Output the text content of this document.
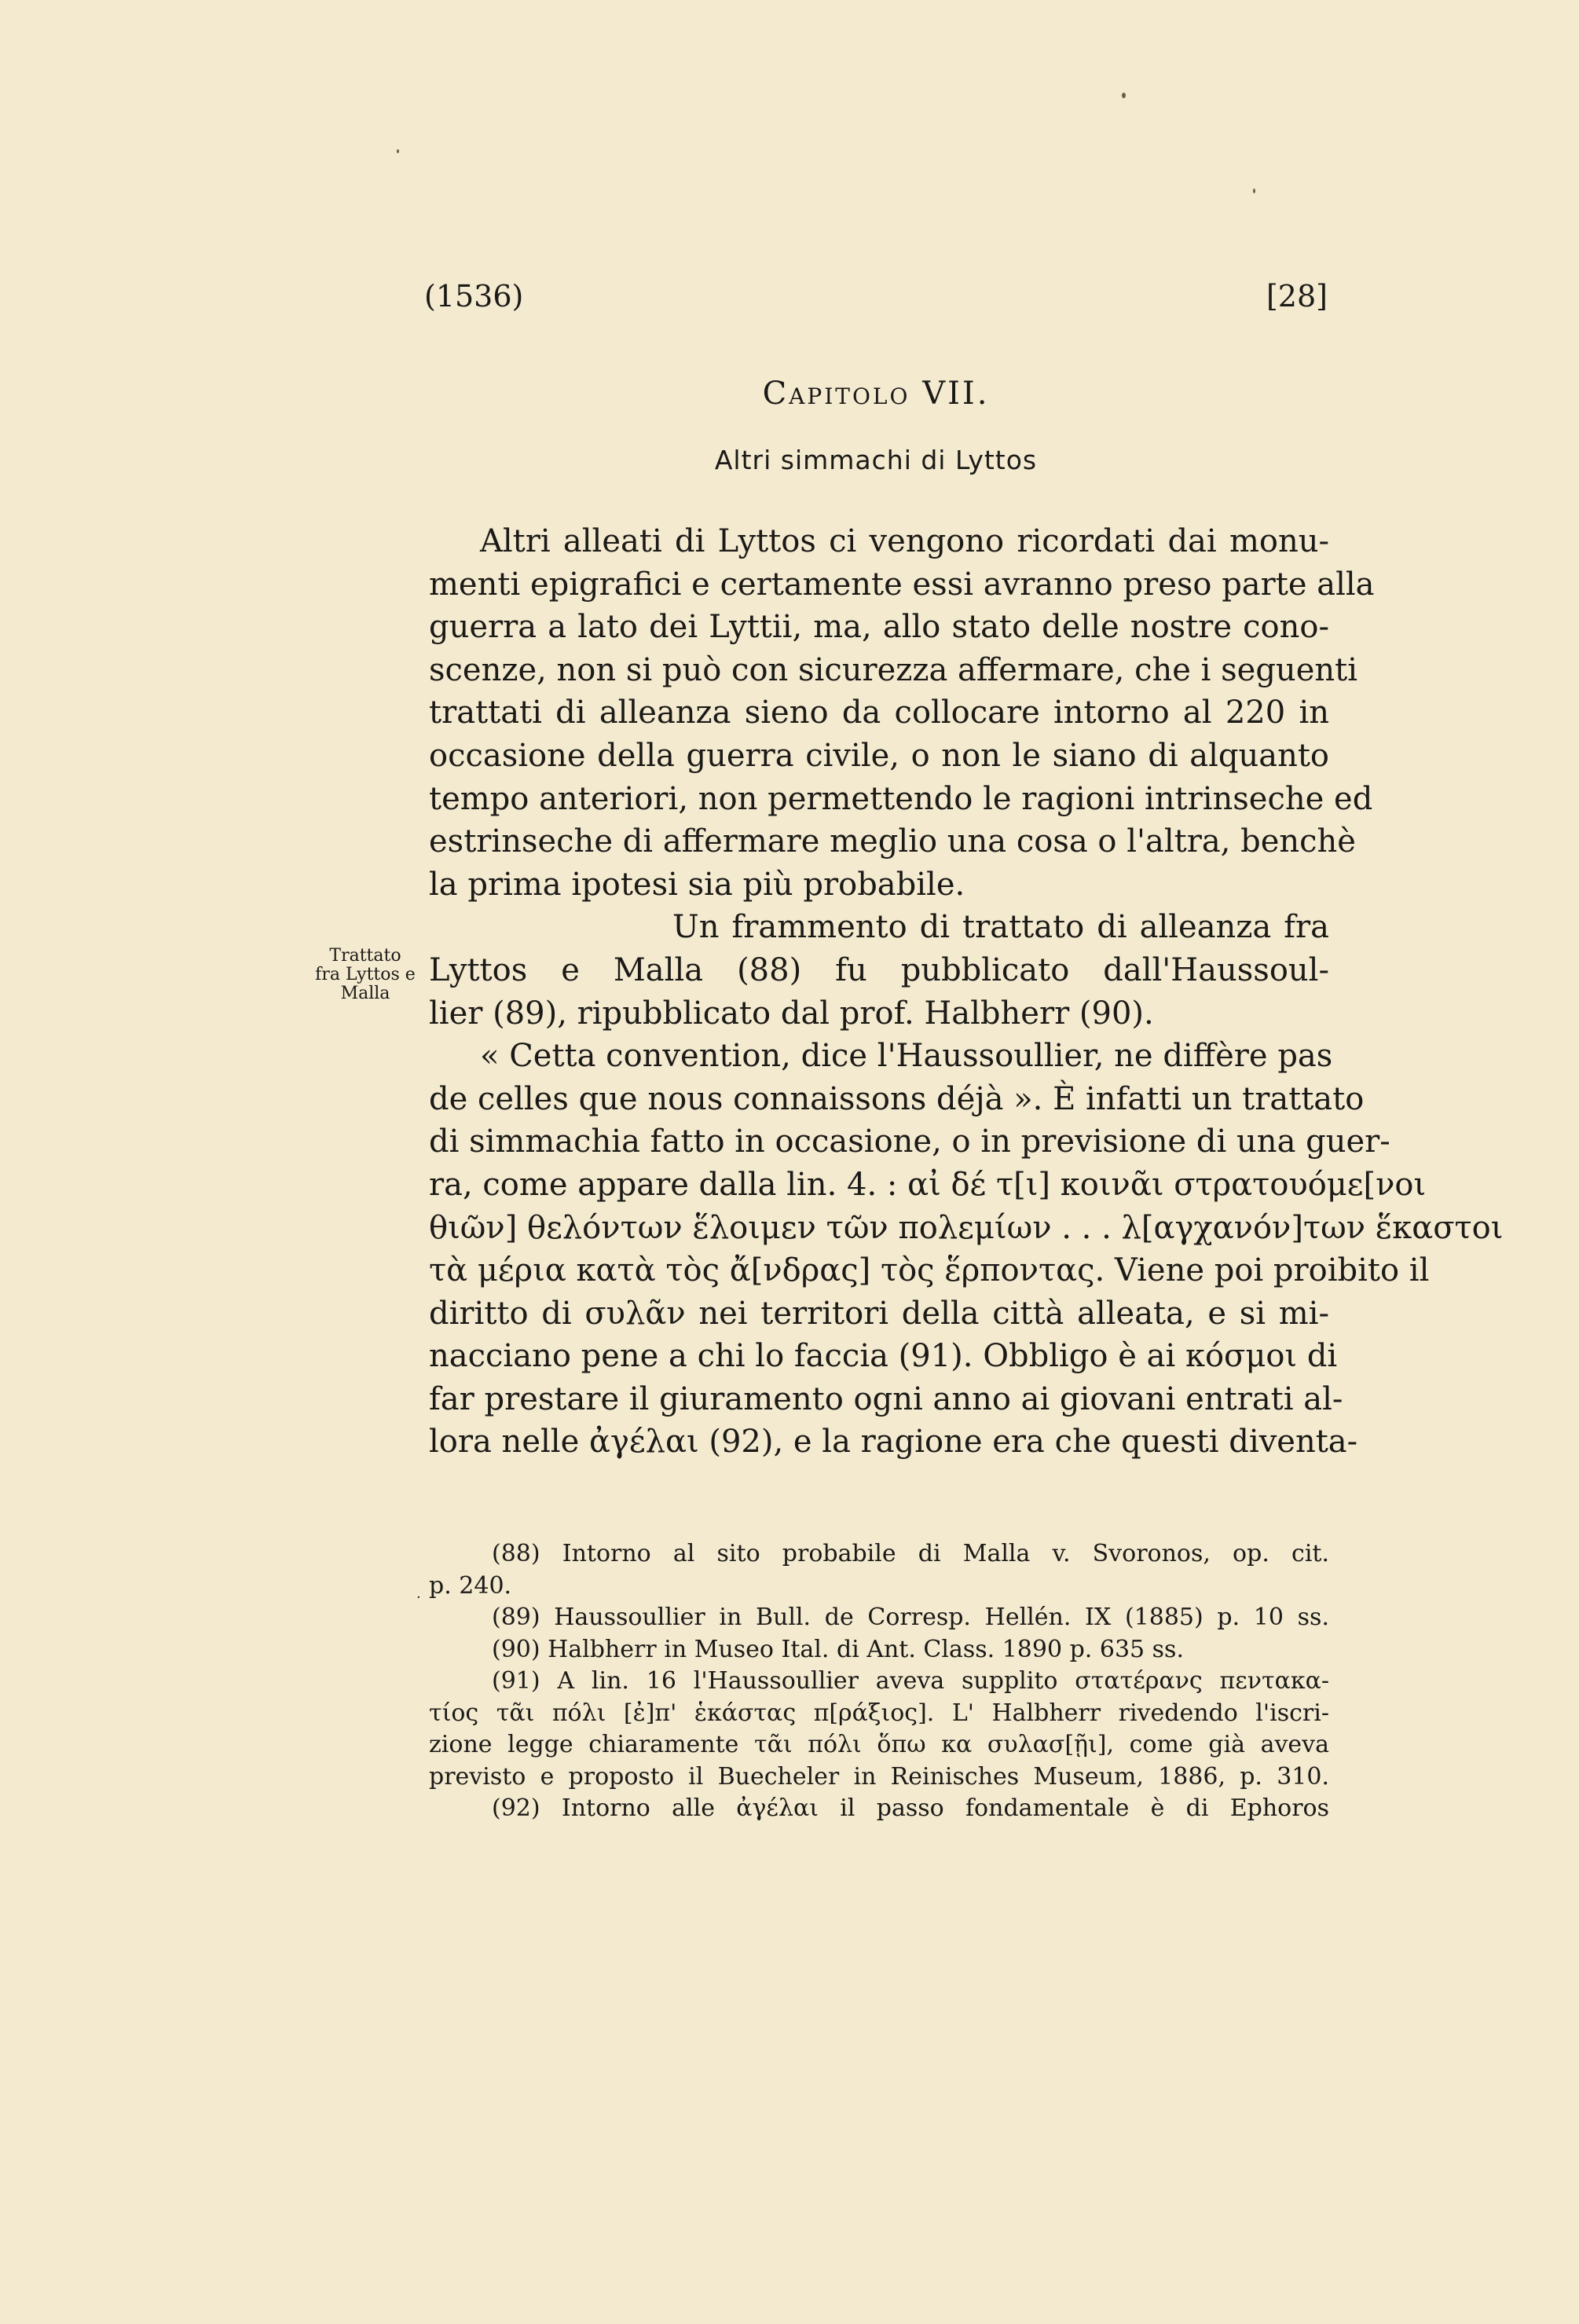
(1536)	[28]
Capitolo VII.
Altri simmachi di Lyttos
Trattato
fra Lyttos e Malla
Altri alleati di Lyttos ci vengono ricordati dai monu-
menti epigrafici e certamente essi avranno preso parte alla
guerra a lato dei Lyttii, ma, allo stato delle nostre cono-
scenze, non si può con sicurezza affermare, che i seguenti
trattati di alleanza sieno da collocare intorno al 220 in
occasione della guerra civile, o non le siano di alquanto
tempo anteriori, non permettendo le ragioni intrinseche ed
estrinseche di affermare meglio una cosa o l'altra, benchè
la prima ipotesi sia più probabile.
Un frammento di trattato di alleanza fra
Lyttos e Malla (88) fu pubblicato dall'Haussoul-
lier (89), ripubblicato dal prof. Halbherr (90).
« Cetta convention, dice l'Haussoullier, ne diffère pas
de celles que nous connaissons déjà ». È infatti un trattato
di simmachia fatto in occasione, o in previsione di una guer-
ra, come appare dalla lin. 4. : αἰ δέ τ[ι] κοινᾶι στρατουόμε[νοι
θιῶν] θελόντων ἕλοιμεν τῶν πολεμίων . . . λ[αγχανόν]των ἕκαστοι
τὰ μέρια κατὰ τὸς ἄ[νδρας] τὸς ἕρποντας. Viene poi proibito il
diritto di συλᾶν nei territori della città alleata, e si mi-
nacciano pene a chi lo faccia (91). Obbligo è ai κόσμοι di
far prestare il giuramento ogni anno ai giovani entrati al-
lora nelle ἀγέλαι (92), e la ragione era che questi diventa-
(88) Intorno al sito probabile di Malla v. Svoronos, op. cit.
p. 240.
(89) Haussoullier in Bull. de Corresp. Hellén. IX (1885) p. 10 ss.
(90) Halbherr in Museo Ital. di Ant. Class. 1890 p. 635 ss.
(91) A lin. 16 l'Haussoullier aveva supplito στατέρανς πεντακα-
τίος τᾶι πόλι [ἐ]π' ἑκάστας π[ράξιος]. L' Halbherr rivedendo l'iscri-
zione legge chiaramente τᾶι πόλι ὅπω κα συλασ[ῇι], come già aveva
previsto e proposto il Buecheler in Reinisches Museum, 1886, p. 310.
(92) Intorno alle ἀγέλαι il passo fondamentale è di Ephoros
·
